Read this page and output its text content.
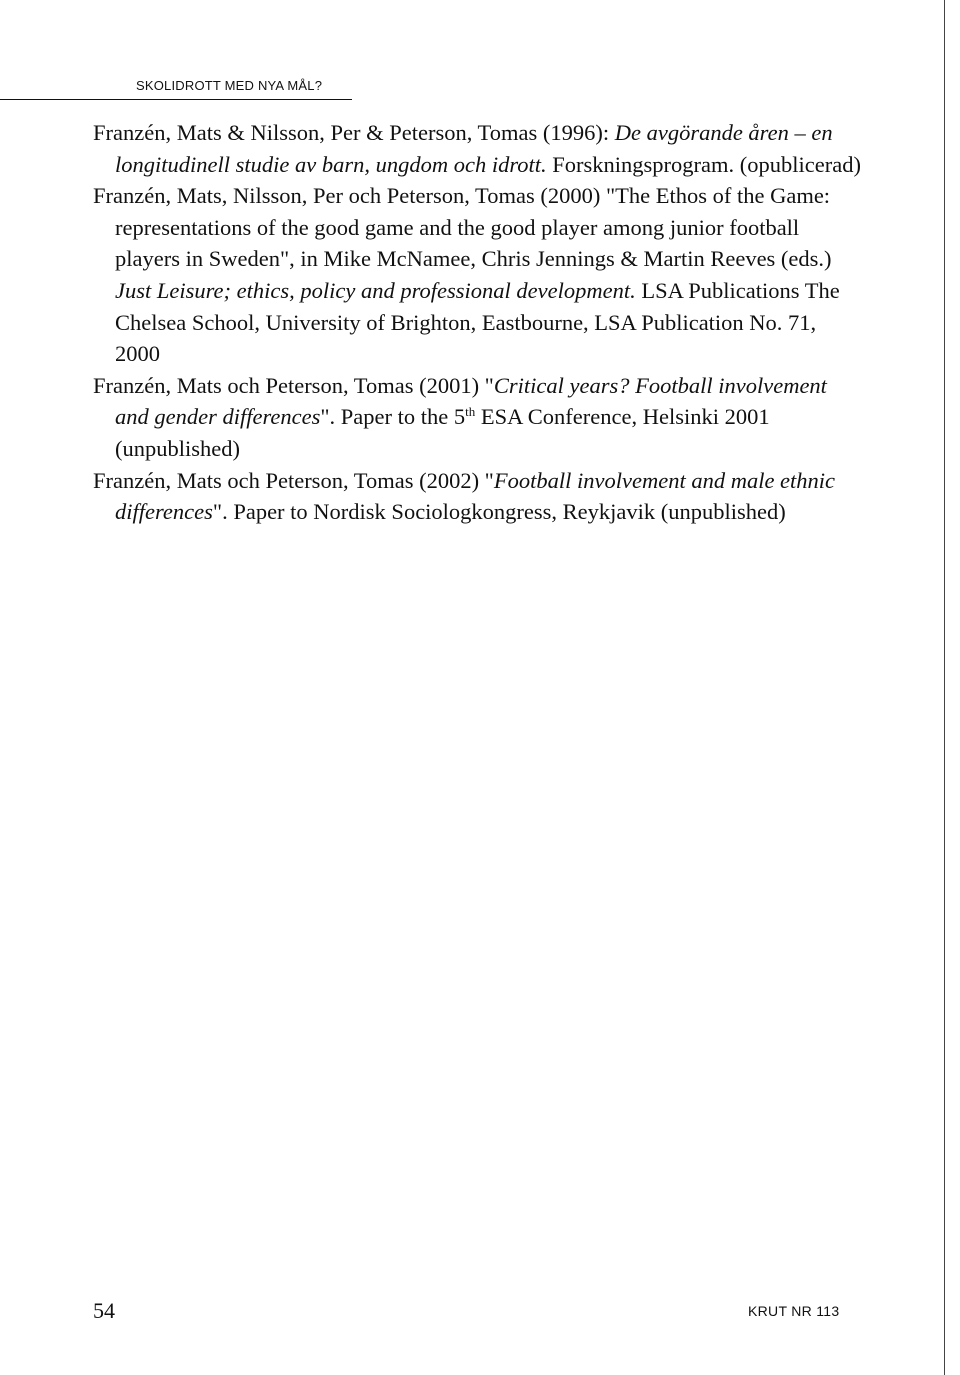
SKOLIDROTT MED NYA MÅL?

Franzén, Mats & Nilsson, Per & Peterson, Tomas (1996): De avgörande åren – en longitudinell studie av barn, ungdom och idrott. Forskningsprogram. (opublicerad)

Franzén, Mats, Nilsson, Per och Peterson, Tomas (2000) "The Ethos of the Game: representations of the good game and the good player among junior football players in Sweden", in Mike McNamee, Chris Jennings & Martin Reeves (eds.) Just Leisure; ethics, policy and professional development. LSA Publications The Chelsea School, University of Brighton, Eastbourne, LSA Publication No. 71, 2000

Franzén, Mats och Peterson, Tomas (2001) "Critical years? Football involvement and gender differences". Paper to the 5th ESA Conference, Helsinki 2001 (unpublished)

Franzén, Mats och Peterson, Tomas (2002) "Football involvement and male ethnic differences". Paper to Nordisk Sociologkongress, Reykjavik (unpublished)

54	KRUT NR 113
